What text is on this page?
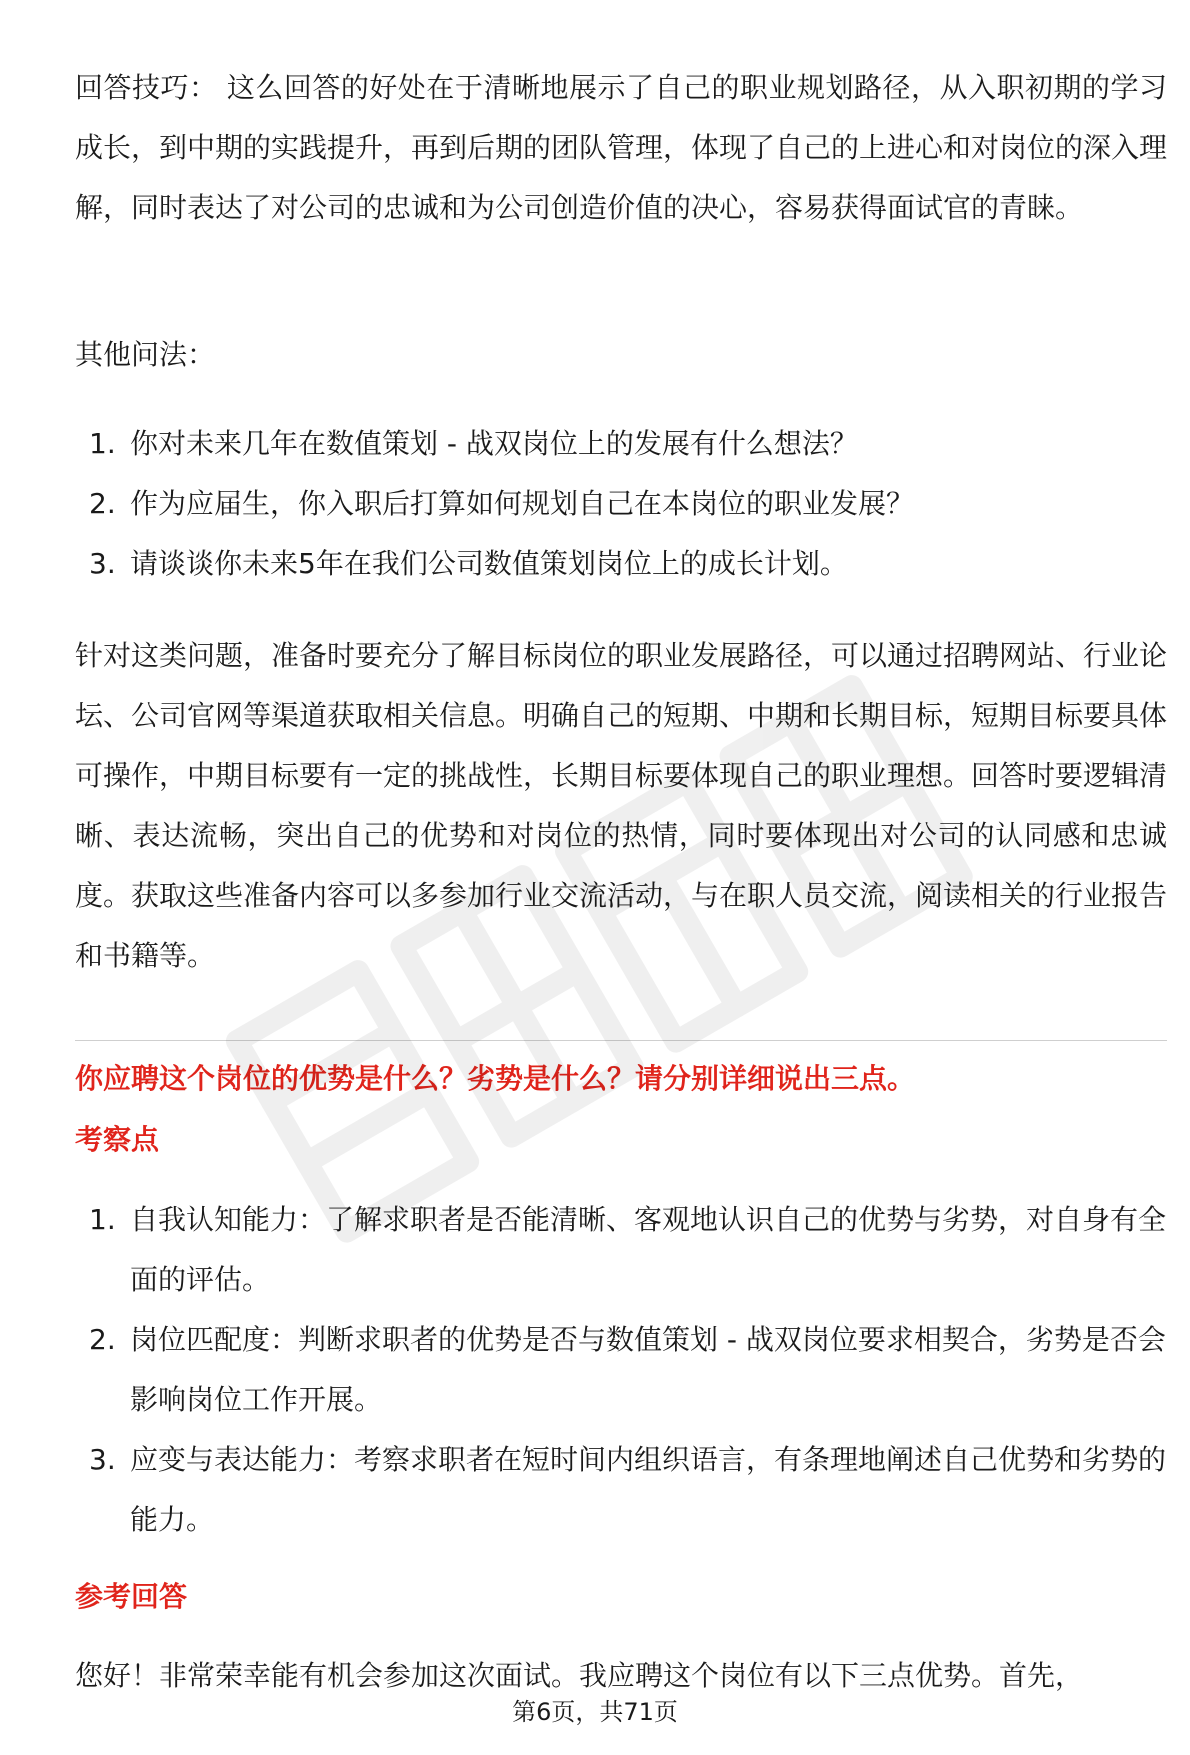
回答技巧： 这么回答的好处在于清晰地展示了自己的职业规划路径，从入职初期的学习成长，到中期的实践提升，再到后期的团队管理，体现了自己的上进心和对岗位的深入理解，同时表达了对公司的忠诚和为公司创造价值的决心，容易获得面试官的青睐。

其他问法：

1. 你对未来几年在数值策划 - 战双岗位上的发展有什么想法？
2. 作为应届生，你入职后打算如何规划自己在本岗位的职业发展？
3. 请谈谈你未来5年在我们公司数值策划岗位上的成长计划。

针对这类问题，准备时要充分了解目标岗位的职业发展路径，可以通过招聘网站、行业论坛、公司官网等渠道获取相关信息。明确自己的短期、中期和长期目标，短期目标要具体可操作，中期目标要有一定的挑战性，长期目标要体现自己的职业理想。回答时要逻辑清晰、表达流畅，突出自己的优势和对岗位的热情，同时要体现出对公司的认同感和忠诚度。获取这些准备内容可以多参加行业交流活动，与在职人员交流，阅读相关的行业报告和书籍等。

你应聘这个岗位的优势是什么？劣势是什么？请分别详细说出三点。

考察点

1. 自我认知能力：了解求职者是否能清晰、客观地认识自己的优势与劣势，对自身有全面的评估。
2. 岗位匹配度：判断求职者的优势是否与数值策划 - 战双岗位要求相契合，劣势是否会影响岗位工作开展。
3. 应变与表达能力：考察求职者在短时间内组织语言，有条理地阐述自己优势和劣势的能力。

参考回答

您好！非常荣幸能有机会参加这次面试。我应聘这个岗位有以下三点优势。首先，

第6页，共71页
